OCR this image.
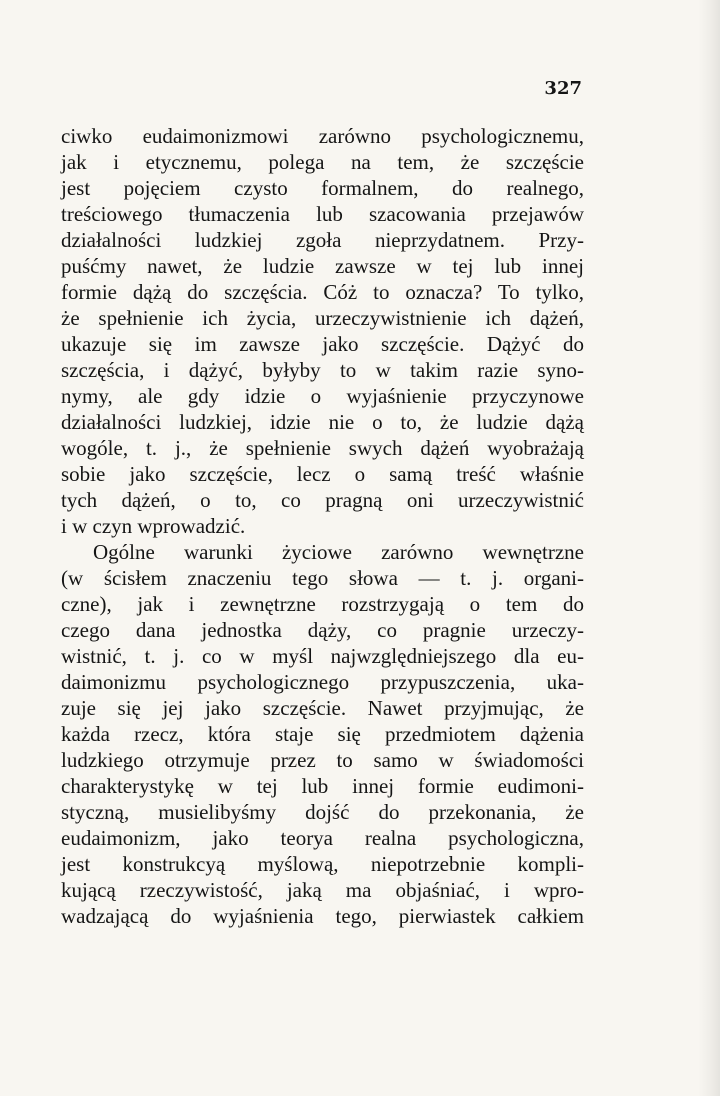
327
ciwko eudaimonizmowi zarówno psychologicznemu,
jak i etycznemu, polega na tem, że szczęście
jest pojęciem czysto formalnem, do realnego,
treściowego tłumaczenia lub szacowania przejawów
działalności ludzkiej zgoła nieprzydatnem. Przy-
puśćmy nawet, że ludzie zawsze w tej lub innej
formie dążą do szczęścia. Cóż to oznacza? To tylko,
że spełnienie ich życia, urzeczywistnienie ich dążeń,
ukazuje się im zawsze jako szczęście. Dążyć do
szczęścia, i dążyć, byłyby to w takim razie syno-
nymy, ale gdy idzie o wyjaśnienie przyczynowe
działalności ludzkiej, idzie nie o to, że ludzie dążą
wogóle, t. j., że spełnienie swych dążeń wyobrażają
sobie jako szczęście, lecz o samą treść właśnie
tych dążeń, o to, co pragną oni urzeczywistnić
i w czyn wprowadzić.
Ogólne warunki życiowe zarówno wewnętrzne
(w ścisłem znaczeniu tego słowa — t. j. organi-
czne), jak i zewnętrzne rozstrzygają o tem do
czego dana jednostka dąży, co pragnie urzeczy-
wistnić, t. j. co w myśl najwzględniejszego dla eu-
daimonizmu psychologicznego przypuszczenia, uka-
zuje się jej jako szczęście. Nawet przyjmując, że
każda rzecz, która staje się przedmiotem dążenia
ludzkiego otrzymuje przez to samo w świadomości
charakterystykę w tej lub innej formie eudimoni-
styczną, musielibyśmy dojść do przekonania, że
eudaimonizm, jako teorya realna psychologiczna,
jest konstrukcyą myślową, niepotrzebnie kompli-
kującą rzeczywistość, jaką ma objaśniać, i wpro-
wadzającą do wyjaśnienia tego, pierwiastek całkiem
